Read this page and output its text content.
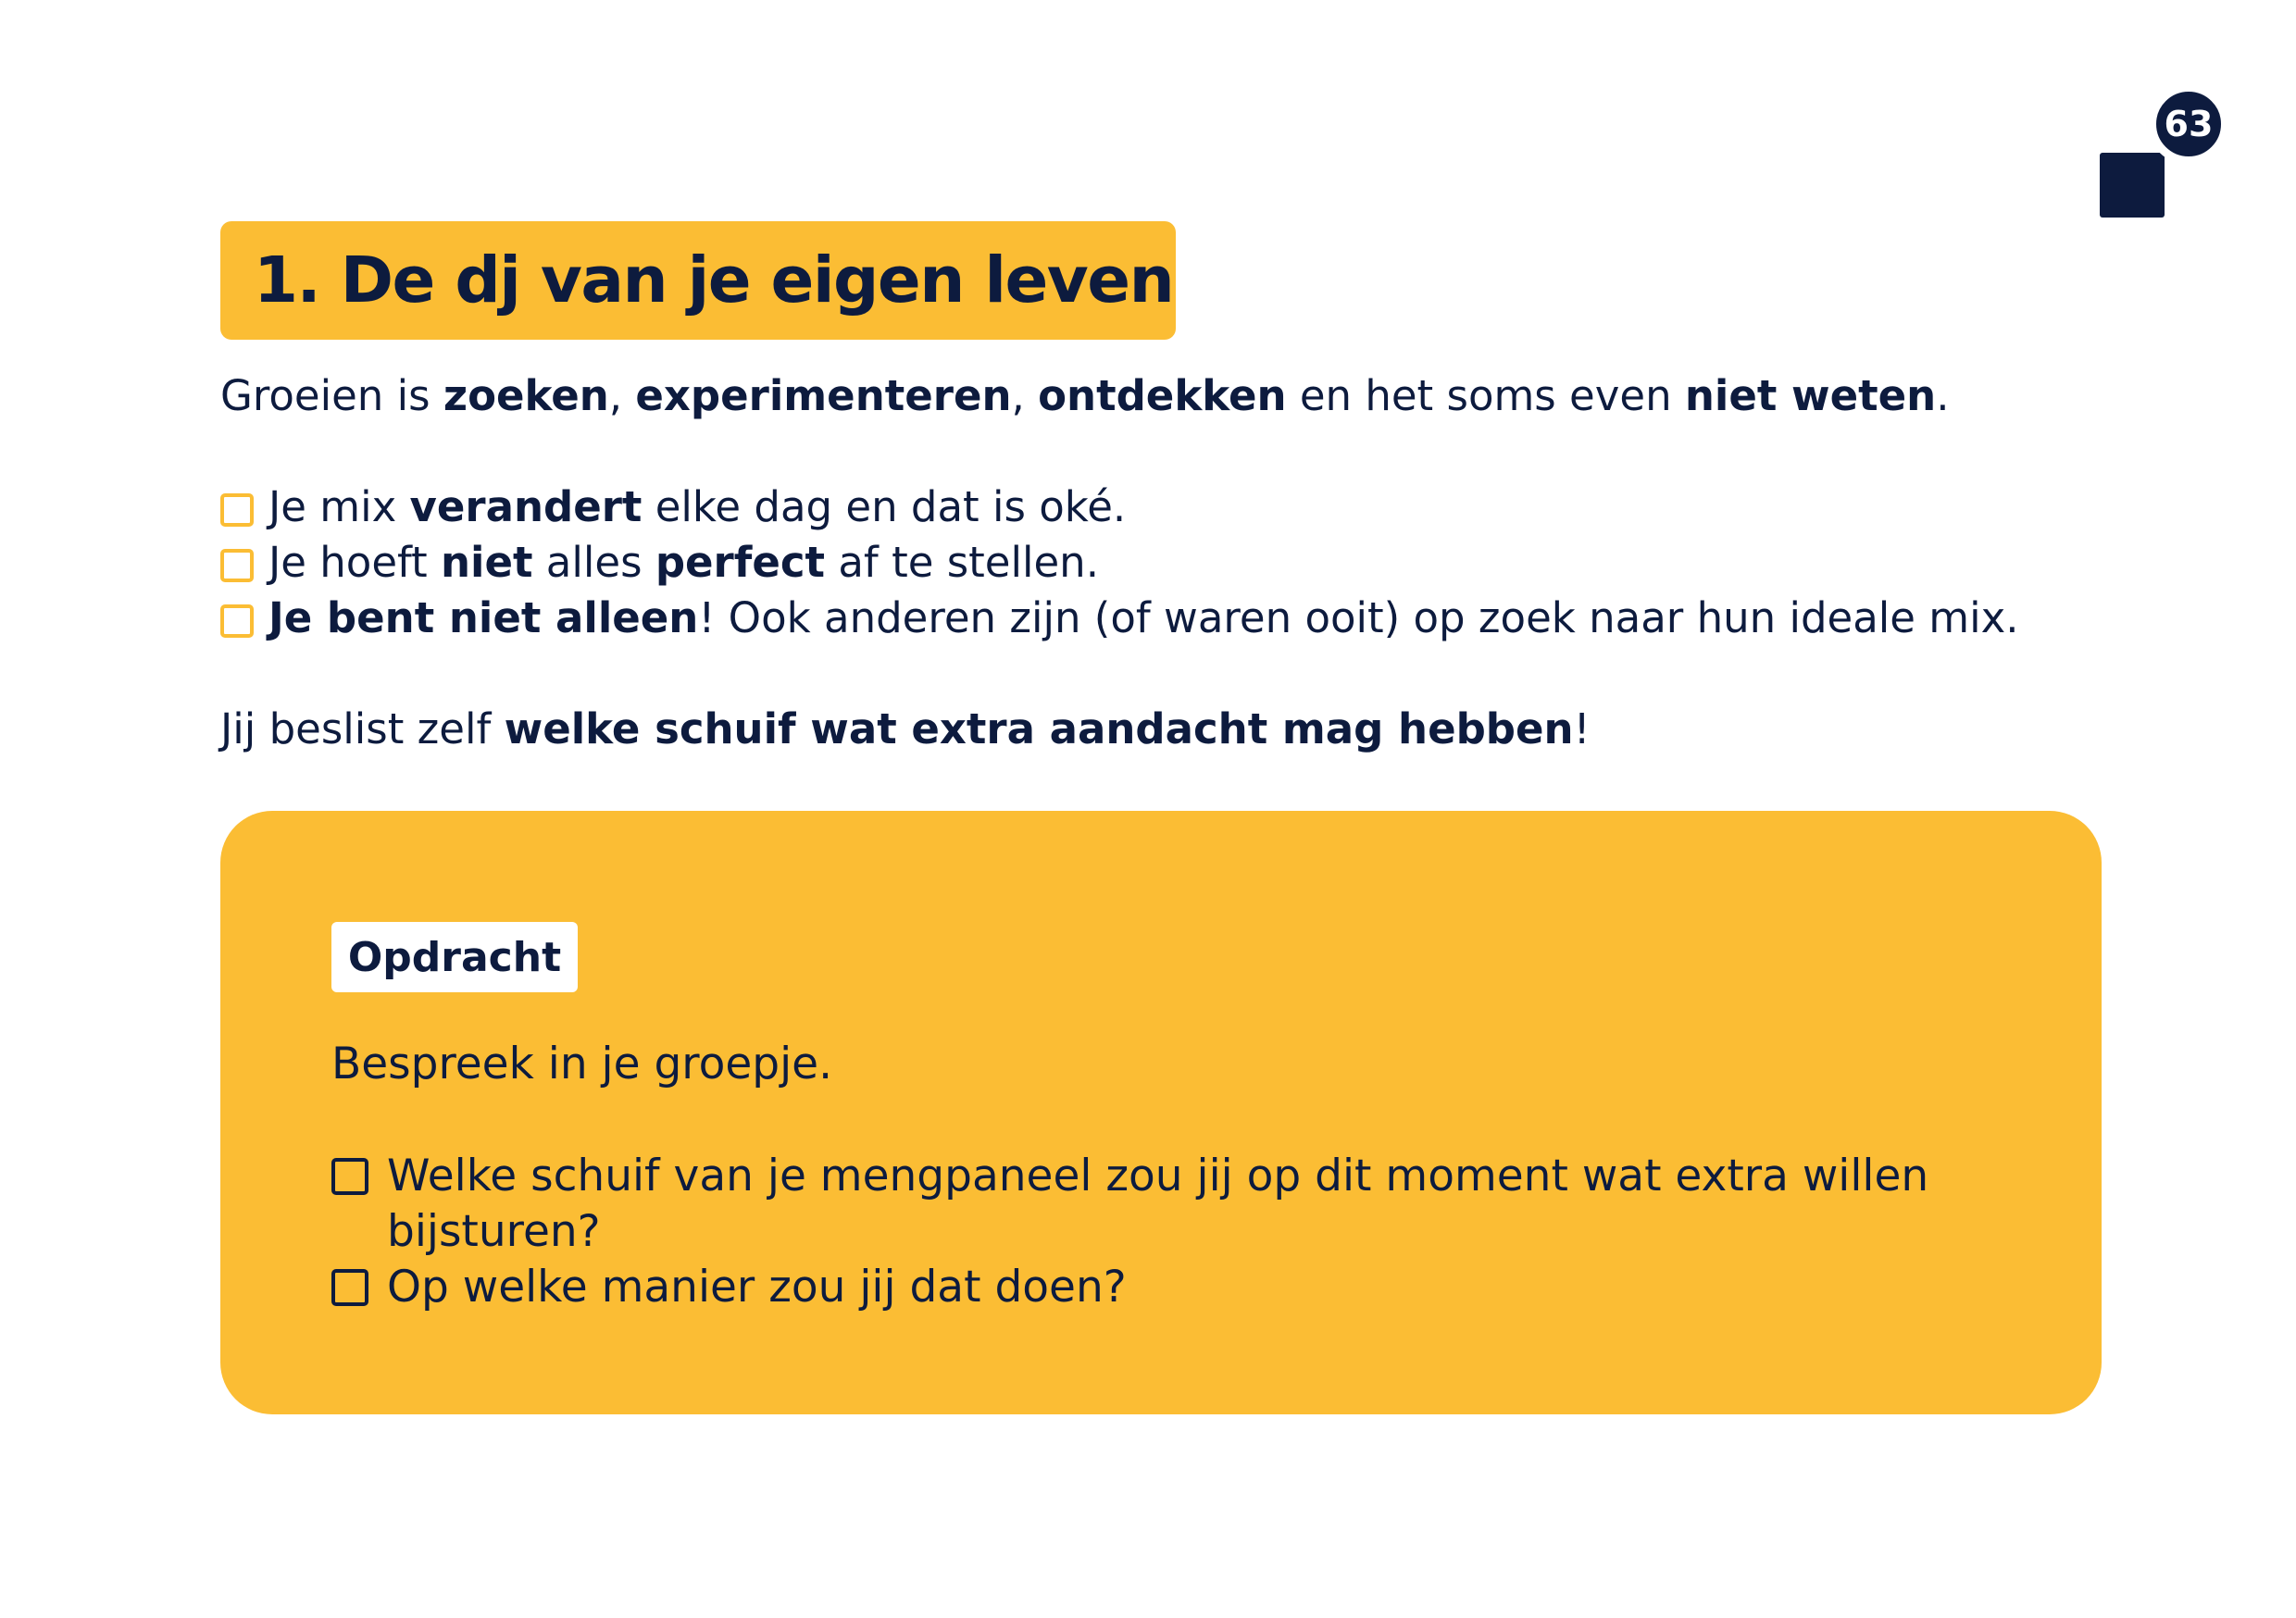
63
1. De dj van je eigen leven
Groeien is zoeken, experimenteren, ontdekken en het soms even niet weten.
Je mix verandert elke dag en dat is oké.
Je hoeft niet alles perfect af te stellen.
Je bent niet alleen! Ook anderen zijn (of waren ooit) op zoek naar hun ideale mix.
Jij beslist zelf welke schuif wat extra aandacht mag hebben!
Opdracht
Bespreek in je groepje.
Welke schuif van je mengpaneel zou jij op dit moment wat extra willen
bijsturen?
Op welke manier zou jij dat doen?
